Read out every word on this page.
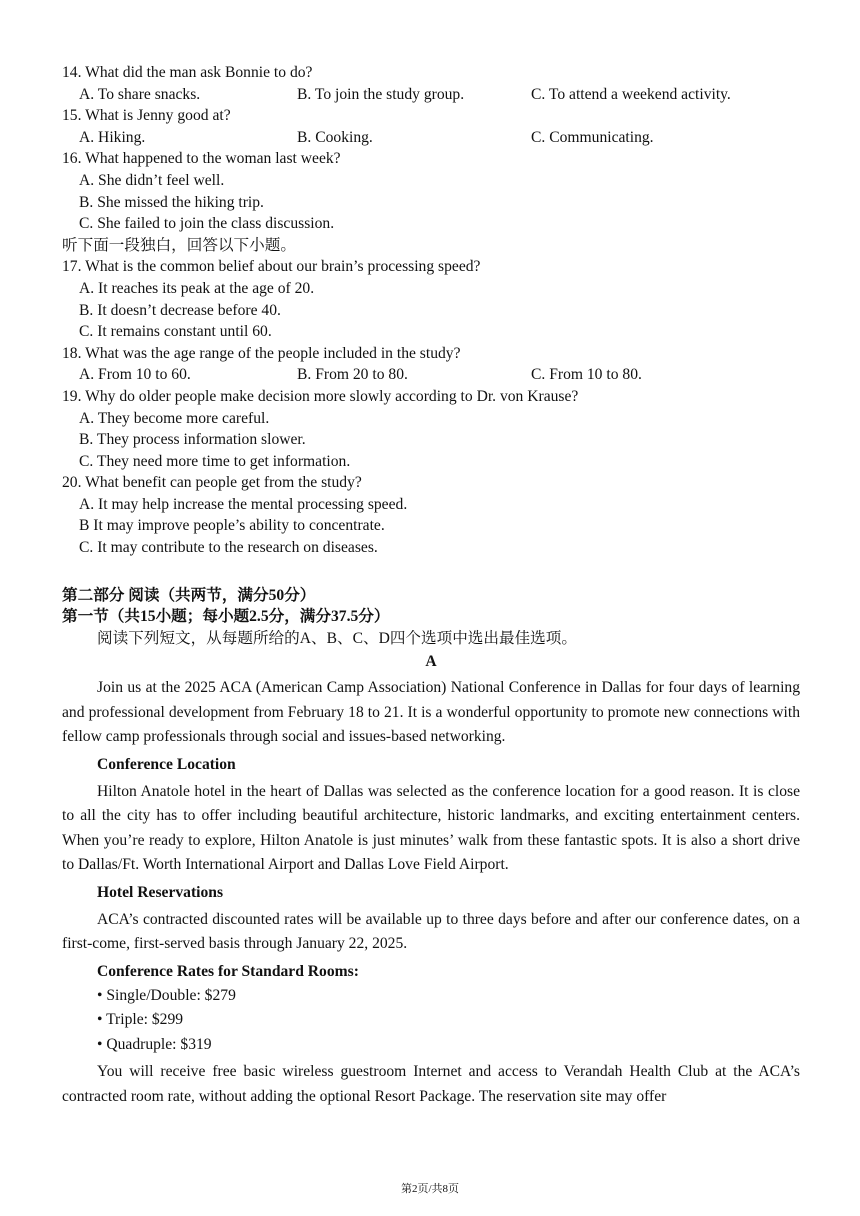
14. What did the man ask Bonnie to do?

A. To share snacks.	B. To join the study group.	C. To attend a weekend activity.

15. What is Jenny good at?

A. Hiking.	B. Cooking.	C. Communicating.

16. What happened to the woman last week?

A. She didn’t feel well.

B. She missed the hiking trip.

C. She failed to join the class discussion.

听下面一段独白，回答以下小题。

17. What is the common belief about our brain’s processing speed?

A. It reaches its peak at the age of 20.

B. It doesn’t decrease before 40.

C. It remains constant until 60.

18. What was the age range of the people included in the study?

A. From 10 to 60.	B. From 20 to 80.	C. From 10 to 80.

19. Why do older people make decision more slowly according to Dr. von Krause?

A. They become more careful.

B. They process information slower.

C. They need more time to get information.

20. What benefit can people get from the study?

A. It may help increase the mental processing speed.

B It may improve people’s ability to concentrate.

C. It may contribute to the research on diseases.

第二部分 阅读（共两节，满分50分）

第一节（共15小题；每小题2.5分，满分37.5分）

阅读下列短文，从每题所给的A、B、C、D四个选项中选出最佳选项。

A

Join us at the 2025 ACA (American Camp Association) National Conference in Dallas for four days of learning and professional development from February 18 to 21. It is a wonderful opportunity to promote new connections with fellow camp professionals through social and issues-based networking.

Conference Location

Hilton Anatole hotel in the heart of Dallas was selected as the conference location for a good reason. It is close to all the city has to offer including beautiful architecture, historic landmarks, and exciting entertainment centers. When you’re ready to explore, Hilton Anatole is just minutes’ walk from these fantastic spots. It is also a short drive to Dallas/Ft. Worth International Airport and Dallas Love Field Airport.

Hotel Reservations

ACA’s contracted discounted rates will be available up to three days before and after our conference dates, on a first-come, first-served basis through January 22, 2025.

Conference Rates for Standard Rooms:

• Single/Double: $279

• Triple: $299

• Quadruple: $319

You will receive free basic wireless guestroom Internet and access to Verandah Health Club at the ACA’s contracted room rate, without adding the optional Resort Package. The reservation site may offer

第2页/共8页
